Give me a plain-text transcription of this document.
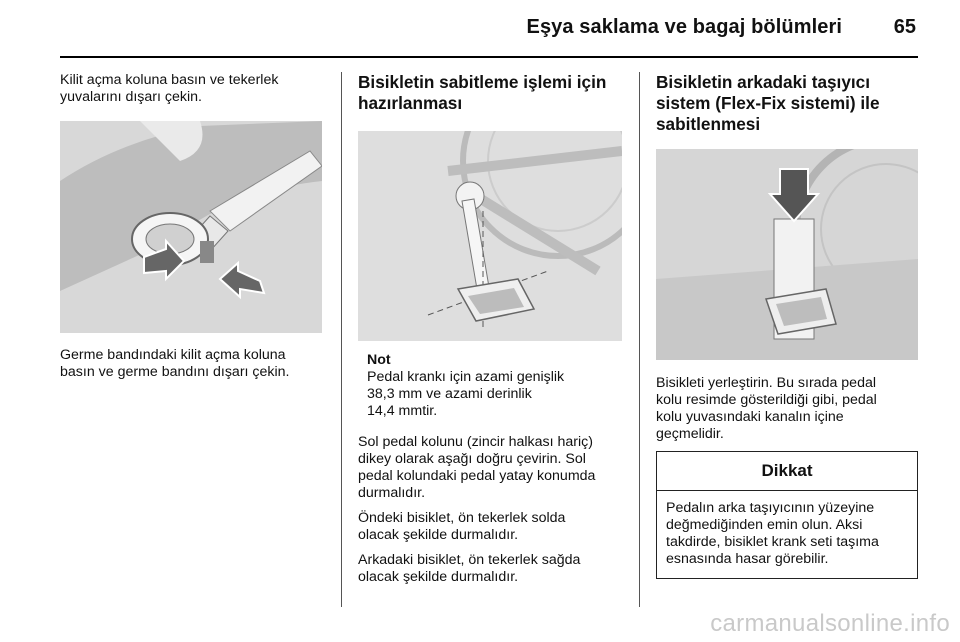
Eşya saklama ve bagaj bölümleri	65

Kilit açma koluna basın ve tekerlek
yuvalarını dışarı çekin.

Germe bandındaki kilit açma koluna
basın ve germe bandını dışarı çekin.

Bisikletin sabitleme işlemi için
hazırlanması

Not

Pedal krankı için azami genişlik
38,3 mm ve azami derinlik
14,4 mmtir.

Sol pedal kolunu (zincir halkası hariç)
dikey olarak aşağı doğru çevirin. Sol
pedal kolundaki pedal yatay konumda
durmalıdır.

Öndeki bisiklet, ön tekerlek solda
olacak şekilde durmalıdır.

Arkadaki bisiklet, ön tekerlek sağda
olacak şekilde durmalıdır.

Bisikletin arkadaki taşıyıcı
sistem (Flex-Fix sistemi) ile
sabitlenmesi

Bisikleti yerleştirin. Bu sırada pedal
kolu resimde gösterildiği gibi, pedal
kolu yuvasındaki kanalın içine
geçmelidir.

Dikkat
Pedalın arka taşıyıcının yüzeyine
değmediğinden emin olun. Aksi
takdirde, bisiklet krank seti taşıma
esnasında hasar görebilir.
carmanualsonline.info
